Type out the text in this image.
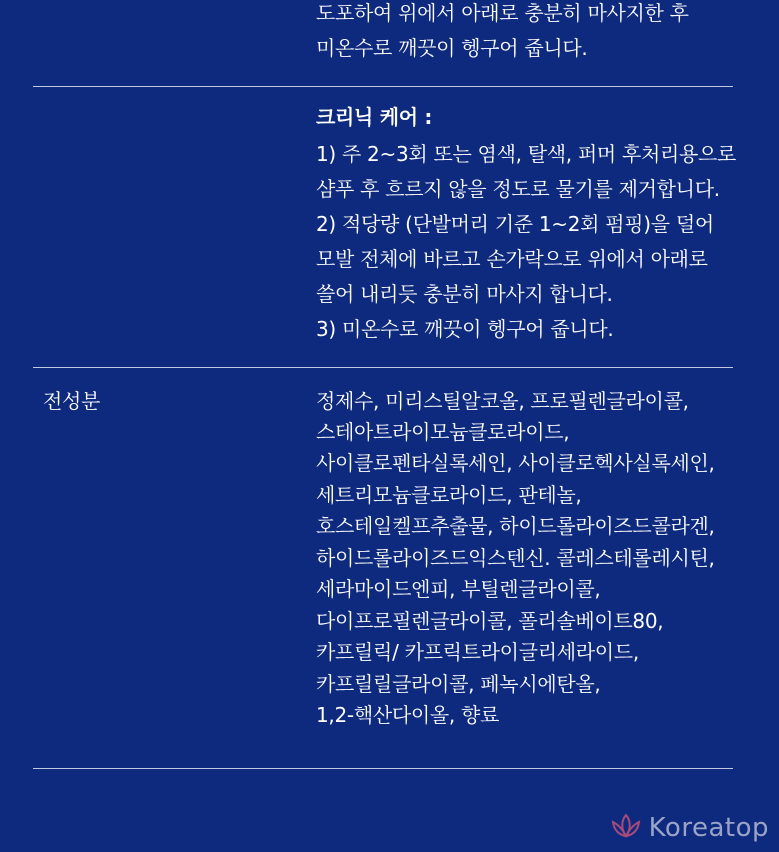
도포하여 위에서 아래로 충분히 마사지한 후
미온수로 깨끗이 헹구어 줍니다.
크리닉 케어 :
1) 주 2~3회 또는 염색, 탈색, 퍼머 후처리용으로
샴푸 후 흐르지 않을 정도로 물기를 제거합니다.
2) 적당량 (단발머리 기준 1~2회 펌핑)을 덜어
모발 전체에 바르고 손가락으로 위에서 아래로
쓸어 내리듯 충분히 마사지 합니다.
3) 미온수로 깨끗이 헹구어 줍니다.
전성분	정제수, 미리스틸알코올, 프로필렌글라이콜,
스테아트라이모늄클로라이드,
사이클로펜타실록세인, 사이클로헥사실록세인,
세트리모늄클로라이드, 판테놀,
호스테일켈프추출물, 하이드롤라이즈드콜라겐,
하이드롤라이즈드익스텐신. 콜레스테롤레시틴,
세라마이드엔피, 부틸렌글라이콜,
다이프로필렌글라이콜, 폴리솔베이트80,
카프릴릭/ 카프릭트라이글리세라이드,
카프릴릴글라이콜, 페녹시에탄올,
1,2-핵산다이올, 향료
Koreatop
